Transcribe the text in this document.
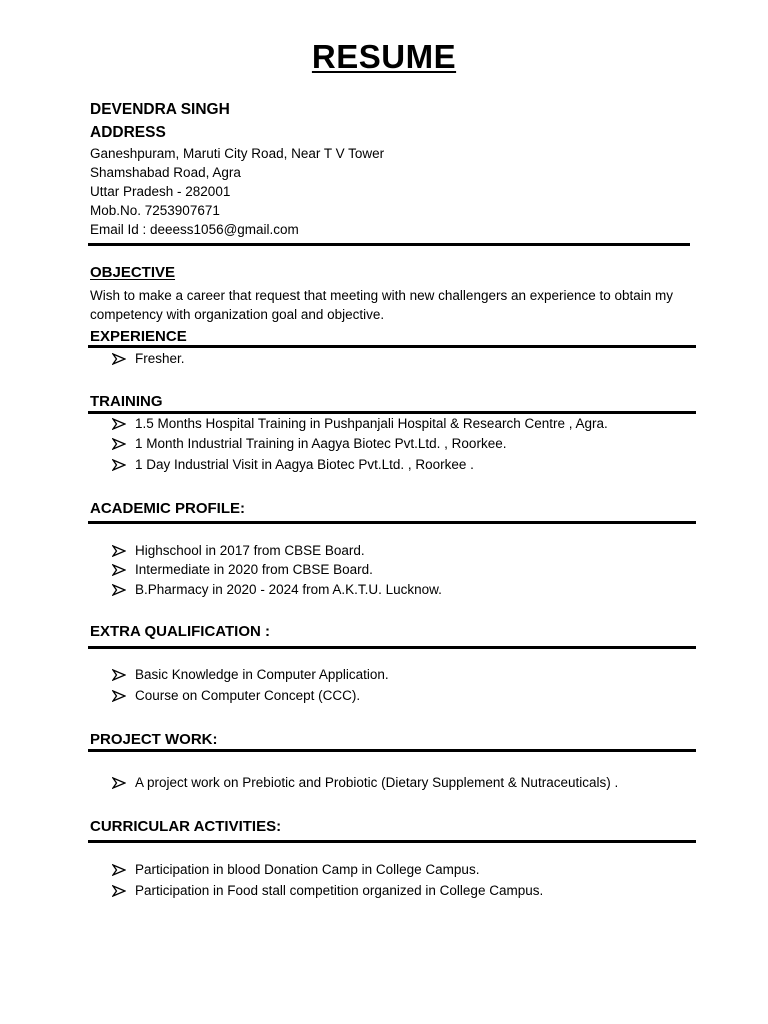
RESUME
DEVENDRA SINGH
ADDRESS
Ganeshpuram, Maruti City Road, Near T V Tower
Shamshabad Road, Agra
Uttar Pradesh - 282001
Mob.No. 7253907671
Email Id : deeess1056@gmail.com
OBJECTIVE
Wish to make a career that request that meeting with new challengers an experience to obtain my competency with organization goal and objective.
EXPERIENCE
Fresher.
TRAINING
1.5 Months Hospital Training in Pushpanjali Hospital & Research Centre , Agra.
1 Month Industrial Training in Aagya Biotec Pvt.Ltd. , Roorkee.
1 Day Industrial Visit in Aagya Biotec Pvt.Ltd. , Roorkee .
ACADEMIC PROFILE:
Highschool in 2017 from CBSE Board.
Intermediate in 2020 from CBSE Board.
B.Pharmacy in 2020 - 2024 from A.K.T.U. Lucknow.
EXTRA QUALIFICATION :
Basic Knowledge in Computer Application.
Course on Computer Concept (CCC).
PROJECT WORK:
A project work on Prebiotic and Probiotic (Dietary Supplement & Nutraceuticals) .
CURRICULAR ACTIVITIES:
Participation in blood Donation Camp in College Campus.
Participation in Food stall competition organized in College Campus.
